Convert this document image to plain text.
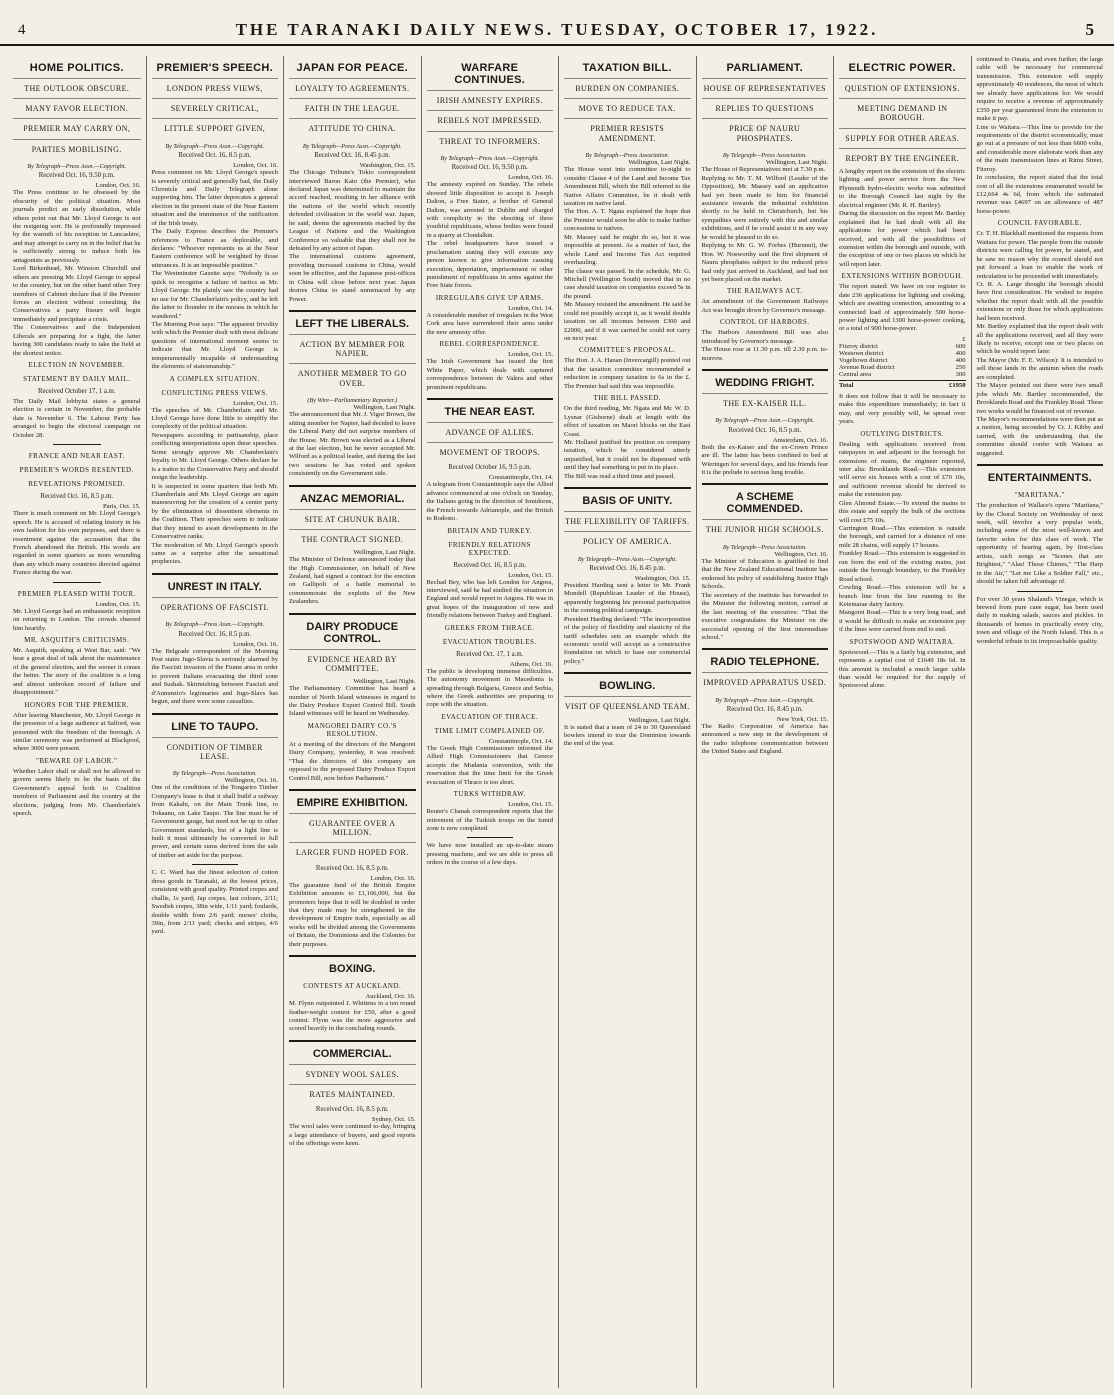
4	THE TARANAKI DAILY NEWS. TUESDAY, OCTOBER 17, 1922.	5
HOME POLITICS.
THE OUTLOOK OBSCURE.
MANY FAVOR ELECTION.
PREMIER MAY CARRY ON,
PARTIES MOBILISING.
By Telegraph—Press Assn.—Copyright.
Received Oct. 16, 9.50 p.m.
London, Oct. 16.

The Press continue to be obsessed by the obscurity of the political situation. Most journals predict an early dissolution, while others point out that Mr. Lloyd George is not the resigning sort. He is profoundly impressed by the warmth of his reception in Lancashire, and may attempt to carry on in the belief that he is sufficiently strong to induce both his antagonists as previously.

Lord Birkenhead, Mr. Winston Churchill and others are pressing Mr. Lloyd George to appeal to the country, but on the other hand other Tory members of Cabinet declare that if the Premier forces an election without consulting the Conservatives a party fissure will begin immediately and precipitate a crisis.

The Conservatives and the Independent Liberals are preparing for a fight, the latter having 300 candidates ready to take the field at the shortest notice.

ELECTION IN NOVEMBER.
STATEMENT BY DAILY MAIL.
Received October 17, 1 a.m.

The Daily Mail lobbyist states a general election is certain in November, the probable date is November 6. The Labour Party has arranged to begin the electoral campaign on October 28.

FRANCE AND NEAR EAST.
PREMIER'S WORDS RESENTED.
REVELATIONS PROMISED.
Received Oct. 16, 8.5 p.m.
Paris, Oct. 15.

There is much comment on Mr. Lloyd George's speech. He is accused of relating history in his own fashion for his own purposes, and there is resentment against the accusation that the French abandoned the British. His words are regarded in some quarters as more wounding than any which many countries directed against France during the war.

PREMIER PLEASED WITH TOUR.
London, Oct. 15.

Mr. Lloyd George had an enthusiastic reception on returning to London. The crowds cheered him heartily.

MR. ASQUITH'S CRITICISMS.

Mr. Asquith, speaking at West Bar, said: "We hear a great deal of talk about the maintenance of the general election, and the sooner it comes the better. The story of the coalition is a long and almost unbroken record of failure and disappointment."

HONORS FOR THE PREMIER.

After leaving Manchester, Mr. Lloyd George in the presence of a large audience at Salford, was presented with the freedom of the borough. A similar ceremony was performed at Blackpool, where 3000 were present.

"BEWARE OF LABOR."

Whether Labor shall or shall not be allowed to govern seems likely to be the basis of the Government's appeal both to Coalition members of Parliament and the country at the elections, judging from Mr. Chamberlain's speech.

PREMIER'S SPEECH.
LONDON PRESS VIEWS,
SEVERELY CRITICAL,
LITTLE SUPPORT GIVEN,
By Telegraph—Press Assn.—Copyright.
Received Oct. 16, 8.5 p.m.
London, Oct. 16.

Press comment on Mr. Lloyd George's speech is severely critical and generally bad, the Daily Chronicle and Daily Telegraph alone supporting him. The latter deprecates a general election in the present state of the Near Eastern situation and the imminence of the ratification of the Irish treaty.

The Daily Express describes the Premier's references to France as deplorable, and declares: "Whoever represents us at the Near Eastern conference will be weighted by those utterances. It is an impossible position."

The Westminster Gazette says: "Nobody is so quick to recognise a failure of tactics as Mr. Lloyd George. He plainly saw the country had no use for Mr. Chamberlain's policy, and he left the latter to flounder in the morass in which he wandered."

The Morning Post says: "The apparent frivolity with which the Premier dealt with most delicate questions of international moment seems to indicate that Mr. Lloyd George is temperamentally incapable of understanding the elements of statesmanship."

A COMPLEX SITUATION.
CONFLICTING PRESS VIEWS.
London, Oct. 15.

The speeches of Mr. Chamberlain and Mr. Lloyd George have done little to simplify the complexity of the political situation.

Newspapers according to partisanship, place conflicting interpretations upon these speeches. Some strongly approve Mr. Chamberlain's loyalty to Mr. Lloyd George. Others declare he is a traitor to the Conservative Party and should resign the leadership.

It is suspected in some quarters that both Mr. Chamberlain and Mr. Lloyd George are again manoeuvring for the creation of a centre party by the elimination of dissentient elements in the Coalition. Their speeches seem to indicate that they intend to await developments in the Conservative ranks.

The moderation of Mr. Lloyd George's speech came as a surprise after the sensational prophecies.

UNREST IN ITALY.
OPERATIONS OF FASCISTI.
By Telegraph—Press Assn.—Copyright.
Received Oct. 16, 8.5 p.m.
London, Oct. 16.

The Belgrade correspondent of the Morning Post states Jugo-Slavia is seriously alarmed by the Fascisti invasion of the Fiume area in order to prevent Italians evacuating the third zone and Sushak. Skirmishing between Fascisti and d'Annunzio's legionaries and Jugo-Slavs has begun, and there were some casualties.

LINE TO TAUPO.
CONDITION OF TIMBER LEASE.
By Telegraph—Press Association.
Wellington, Oct. 16.

One of the conditions of the Tongariro Timber Company's lease is that it shall build a railway from Kakahi, on the Main Trunk line, to Tokaanu, on Lake Taupo. The line must be of Government gauge, but need not be up to other Government standards, but of a light line is built it must ultimately be converted to full power, and certain sums derived from the sale of timber set aside for the purpose.

C. C. Ward has the finest selection of cotton dress goods in Taranaki, at the lowest prices, consistent with good quality. Printed crepes and challis, 1s yard; Jap crepes, fast colours, 2/11; Swedish crepes, 38in wide, 1/11 yard; foulards, double width from 2/6 yard; nurses' cloths, 39in, from 2/11 yard; checks and stripes, 4/6 yard.

JAPAN FOR PEACE.
LOYALTY TO AGREEMENTS.
FAITH IN THE LEAGUE.
ATTITUDE TO CHINA.
By Telegraph—Press Assn.—Copyright.
Received Oct. 16, 8.45 p.m.
Washington, Oct. 15.

The Chicago Tribune's Tokio correspondent interviewed Baron Kato (the Premier), who declared Japan was determined to maintain the accord reached, resulting in her alliance with the nations of the world which recently defended civilisation in the world war. Japan, he said, deems the agreements reached by the League of Nations and the Washington Conference so valuable that they shall not be defeated by any action of Japan.

The international customs agreement, providing increased customs to China, would soon be effective, and the Japanese post-offices in China will close before next year. Japan desires China to stand unmenaced by any Power.

LEFT THE LIBERALS.
ACTION BY MEMBER FOR NAPIER.
ANOTHER MEMBER TO GO OVER.
(By Wire—Parliamentary Reporter.)
Wellington, Last Night.

The announcement that Mr. J. Vigor Brown, the sitting member for Napier, had decided to leave the Liberal Party did not surprise members of the House. Mr. Brown was elected as a Liberal at the last election, but he never accepted Mr. Wilford as a political leader, and during the last two sessions he has voted and spoken consistently on the Government side.

ANZAC MEMORIAL.
SITE AT CHUNUK BAIR.
THE CONTRACT SIGNED.
Wellington, Last Night.

The Minister of Defence announced today that the High Commissioner, on behalf of New Zealand, had signed a contract for the erection on Gallipoli of a battle memorial to commemorate the exploits of the New Zealanders.

DAIRY PRODUCE CONTROL.
EVIDENCE HEARD BY COMMITTEE.
Wellington, Last Night.

The Parliamentary Committee has heard a number of North Island witnesses in regard to the Dairy Produce Export Control Bill. South Island witnesses will be heard on Wednesday.

MANGOREI DAIRY CO.'S RESOLUTION.

At a meeting of the directors of the Mangorei Dairy Company, yesterday, it was resolved: "That the directors of this company are opposed to the proposed Dairy Produce Export Control Bill, now before Parliament."

EMPIRE EXHIBITION.
GUARANTEE OVER A MILLION.
LARGER FUND HOPED FOR.
Received Oct. 16, 8.5 p.m.
London, Oct. 16.

The guarantee fund of the British Empire Exhibition amounts to £1,166,000, but the promoters hope that it will be doubled in order that they made may be strengthened in the development of Empire trade, especially as all works will be divided among the Governments of Britain, the Dominions and the Colonies for their purposes.

BOXING.
CONTESTS AT AUCKLAND.
Auckland, Oct. 16.

M. Flynn outpointed J. Whittens in a ten round feather-weight contest for £50, after a good contest. Flynn was the more aggressive and scored heavily in the concluding rounds.

COMMERCIAL.
SYDNEY WOOL SALES.
RATES MAINTAINED.
Received Oct. 16, 8.5 p.m.
Sydney, Oct. 15.

The wool sales were continued to-day, bringing a large attendance of buyers, and good reports of the offerings were keen.

WARFARE CONTINUES.
IRISH AMNESTY EXPIRES.
REBELS NOT IMPRESSED.
THREAT TO INFORMERS.
By Telegraph—Press Assn.—Copyright.
Received Oct. 16, 9.50 p.m.
London, Oct. 16.

The amnesty expired on Sunday. The rebels showed little disposition to accept it. Joseph Dalton, a Free Stater, a brother of General Dalton, was arrested in Dublin and charged with complicity in the shooting of three youthful republicans, whose bodies were found in a quarry at Clondalkin.

The rebel headquarters have issued a proclamation stating they will execute any person known to give information causing execution, deportation, imprisonment or other punishment of republicans in arms against the Free State forces.

IRREGULARS GIVE UP ARMS.
London, Oct. 14.

A considerable number of irregulars in the West Cork area have surrendered their arms under the new amnesty offer.

REBEL CORRESPONDENCE.
London, Oct. 15.

The Irish Government has issued the first White Paper, which deals with captured correspondence between de Valera and other prominent republicans.

THE NEAR EAST.
ADVANCE OF ALLIES.
MOVEMENT OF TROOPS.
Received October 16, 9.5 p.m.
Constantinople, Oct. 14.

A telegram from Constantinople says the Allied advance commenced at one o'clock on Sunday, the Italians going in the direction of Ismidorus, the French towards Adrianople, and the British to Rodosto.

BRITAIN AND TURKEY.
FRIENDLY RELATIONS EXPECTED.
Received Oct. 16, 8.5 p.m.
London, Oct. 15.

Rechad Bey, who has left London for Angora, interviewed, said he had studied the situation in England and would report to Angora. He was in great hopes of the inauguration of new and friendly relations between Turkey and England.

GREEKS FROM THRACE.
EVACUATION TROUBLES.
Received Oct. 17, 1 a.m.
Athens, Oct. 16.

The public is developing immense difficulties. The autonomy movement in Macedonia is spreading through Bulgaria, Greece and Serbia, where the Greek authorities are preparing to cope with the situation.

EVACUATION OF THRACE.
TIME LIMIT COMPLAINED OF.
Constantinople, Oct. 14.

The Greek High Commissioner informed the Allied High Commissioners that Greece accepts the Mudania convention, with the reservation that the time limit for the Greek evacuation of Thrace is too short.

TURKS WITHDRAW.
London, Oct. 15.

Reuter's Chanak correspondent reports that the retirement of the Turkish troops on the Ismid zone is now completed.

We have now installed an up-to-date steam pressing machine, and we are able to press all orders in the course of a few days.

TAXATION BILL.
BURDEN ON COMPANIES.
MOVE TO REDUCE TAX.
PREMIER RESISTS AMENDMENT.
By Telegraph—Press Association.
Wellington, Last Night.

The House went into committee to-night to consider Clause 4 of the Land and Income Tax Amendment Bill, which the Bill referred to the Native Affairs Committee, be it dealt with taxation on native land.

The Hon. A. T. Ngata explained the hope that the Premier would soon be able to make further concessions to natives.

Mr. Massey said he might do so, but it was impossible at present. As a matter of fact, the whole Land and Income Tax Act required overhauling.

The clause was passed. In the schedule, Mr. G. Mitchell (Wellington South) moved that in no case should taxation on companies exceed 5s in the pound.

Mr. Massey resisted the amendment. He said he could not possibly accept it, as it would double taxation on all incomes between £300 and £2000, and if it was carried he could not carry on next year.

COMMITTEE'S PROPOSAL.

The Hon. J. A. Hanan (Invercargill) pointed out that the taxation committee recommended a reduction in company taxation to 6s in the £. The Premier had said this was impossible.

THE BILL PASSED.

On the third reading, Mr. Ngata and Mr. W. D. Lysnar (Gisborne) dealt at length with the effect of taxation on Maori blocks on the East Coast.

Mr. Holland justified his position on company taxation, which he considered utterly unjustified, but it could not be dispensed with until they had something to put in its place.

The Bill was read a third time and passed.

BASIS OF UNITY.
THE FLEXIBILITY OF TARIFFS.
POLICY OF AMERICA.
By Telegraph—Press Assn.—Copyright.
Received Oct. 16, 8.45 p.m.
Washington, Oct. 15.

President Harding sent a letter to Mr. Frank Mondell (Republican Leader of the House), apparently beginning his personal participation in the coming political campaign.

President Harding declared: "The incorporation of the policy of flexibility and elasticity of the tariff schedules sets an example which the economic world will accept as a constructive foundation on which to base our commercial policy."

BOWLING.
VISIT OF QUEENSLAND TEAM.
Wellington, Last Night.

It is stated that a team of 24 to 30 Queensland bowlers intend to tour the Dominion towards the end of the year.

PARLIAMENT.
HOUSE OF REPRESENTATIVES
REPLIES TO QUESTIONS
PRICE OF NAURU PHOSPHATES.
By Telegraph—Press Association.
Wellington, Last Night.

The House of Representatives met at 7.30 p.m.

Replying to Mr. T. M. Wilford (Leader of the Opposition), Mr. Massey said an application had yet been made to him for financial assistance towards the industrial exhibition shortly to be held in Christchurch, but his sympathies were entirely with this and similar exhibitions, and if he could assist it in any way he would be pleased to do so.

Replying to Mr. G. W. Forbes (Hurunui), the Hon. W. Nosworthy said the first shipment of Nauru phosphates subject to the reduced price had only just arrived in Auckland, and had not yet been placed on the market.

THE RAILWAYS ACT.

An amendment of the Government Railways Act was brought down by Governor's message.

CONTROL OF HARBORS.

The Harbors Amendment Bill was also introduced by Governor's message.

The House rose at 11.30 p.m. till 2.30 p.m. to-morrow.

WEDDING FRIGHT.
THE EX-KAISER ILL.
By Telegraph—Press Assn.—Copyright.
Received Oct. 16, 8.5 p.m.
Amsterdam, Oct. 16.

Both the ex-Kaiser and the ex-Crown Prince are ill. The latter has been confined to bed at Wieringen for several days, and his friends fear it is the prelude to serious lung trouble.

A SCHEME COMMENDED.
THE JUNIOR HIGH SCHOOLS.
By Telegraph—Press Association.
Wellington, Oct. 16.

The Minister of Education is gratified to find that the New Zealand Educational Institute has endorsed his policy of establishing Junior High Schools.

The secretary of the institute has forwarded to the Minister the following motion, carried at the last meeting of the executive: "That the executive congratulates the Minister on the successful opening of the first intermediate school."

RADIO TELEPHONE.
IMPROVED APPARATUS USED.
By Telegraph—Press Assn.—Copyright.
Received Oct. 16, 8.45 p.m.
New York, Oct. 15.

The Radio Corporation of America has announced a new step in the development of the radio telephone communication between the United States and England.

ELECTRIC POWER.
QUESTION OF EXTENSIONS.
MEETING DEMAND IN BOROUGH.
SUPPLY FOR OTHER AREAS.
REPORT BY THE ENGINEER.

A lengthy report on the extension of the electric lighting and power service from the New Plymouth hydro-electric works was submitted to the Borough Council last night by the electrical engineer (Mr. R. H. Bartley).

During the discussion on the report Mr. Bartley explained that he had dealt with all the applications for power which had been received, and with all the possibilities of extension within the borough and outside, with the exception of one or two places on which he will report later.

EXTENSIONS WITHIN BOROUGH.

The report stated: We have on our register to date 236 applications for lighting and cooking, which are awaiting connection, amounting to a connected load of approximately 500 horse-power lighting and 1300 horse-power cooking, or a total of 900 horse-power.

£
Fitzroy district	600
Westown district	400
Vogeltown district	400
Avenue Road district	250
Central area	300
Total	£1950

It does not follow that it will be necessary to make this expenditure immediately; in fact it may, and very possibly will, be spread over years.

OUTLYING DISTRICTS.

Dealing with applications received from ratepayers in and adjacent to the borough for extensions of mains, the engineer reported, inter alia: Brooklands Road.—This extension will serve six houses with a cost of £70 10s, and sufficient revenue should be derived to make the extension pay.

Glen Almond Estate.—To extend the mains to this estate and supply the bulk of the sections will cost £75 10s.

Carrington Road.—This extension is outside the borough, and carried for a distance of one mile 28 chains, will supply 17 houses.

Frankley Road.—This extension is suggested to run from the end of the existing mains, just outside the borough boundary, to the Frankley Road school.

Cowling Road.—This extension will be a branch line from the line running to the Ketemarae dairy factory.

Mangorei Road.—This is a very long road, and it would be difficult to make an extension pay if the lines were carried from end to end.

SPOTSWOOD AND WAITARA.

Spotswood.—This is a fairly big extension, and represents a capital cost of £1649 18s 6d. In this amount is included a much larger cable than would be required for the supply of Spotswood alone.

continued to Omata, and even further, the large cable will be necessary for commercial transmission. This extension will supply approximately 40 residences, the most of which we already have applications for. We would require to receive a revenue of approximately £350 per year guaranteed from the extension to make it pay.

Line to Waitara.—This line to provide for the requirements of the district economically, must go out at a pressure of not less than 6600 volts, and considerable more elaborate work than any of the main transmission lines at Rimu Street, Fitzroy.

In conclusion, the report stated that the total cost of all the extensions enumerated would be £12,664 4s 6d, from which the estimated revenue was £4697 on an allowance of 487 horse-power.

COUNCIL FAVORABLE.

Cr. T. H. Blackhall mentioned the requests from Waitara for power. The people from the outside districts were calling for power, he stated, and he saw no reason why the council should not put forward a loan to enable the work of reticulation to be proceeded with immediately.

Cr. R. A. Large thought the borough should have first consideration. He wished to inquire whether the report dealt with all the possible extensions or only those for which applications had been received.

Mr. Bartley explained that the report dealt with all the applications received, and all they were likely to receive, except one or two places on which he would report later.

The Mayor (Mr. F. E. Wilson): It is intended to sell those lands in the autumn when the roads are completed.

The Mayor pointed out there were two small jobs which Mr. Bartley recommended, the Brooklands Road and the Frankley Road. These two works would be financed out of revenue.

The Mayor's recommendations were then put as a motion, being seconded by Cr. J. Kibby and carried, with the understanding that the committee should confer with Waitara as suggested.

ENTERTAINMENTS.
"MARITANA."

The production of Wallace's opera "Maritana," by the Choral Society on Wednesday of next week, will involve a very popular work, including some of the most well-known and favorite solos for this class of work. The opportunity of hearing again, by first-class artists, such songs as "Scenes that are Brightest," "Alas! Those Chimes," "The Harp in the Air," "Let me Like a Soldier Fall," etc., should be taken full advantage of.

For over 30 years Shaland's Vinegar, which is brewed from pure cane sugar, has been used daily in making salads, sauces and pickles. In thousands of homes in practically every city, town and village of the North Island. This is a wonderful tribute to its irreproachable quality.
